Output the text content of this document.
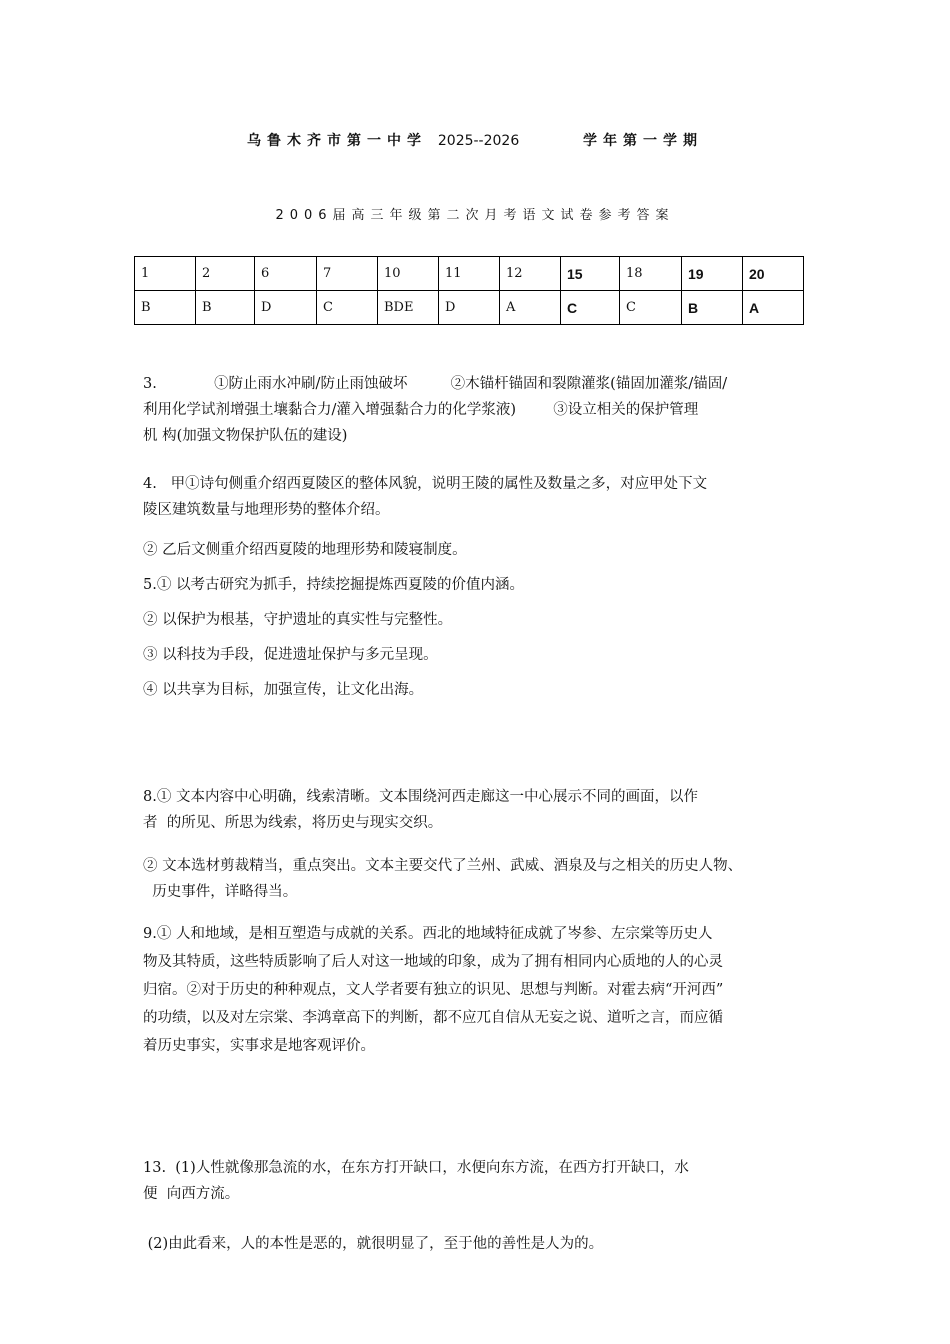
乌鲁木齐市第一中学 2025--2026	学年第一学期
2006届高三年级第二次月考语文试卷参考答案
1	2	6	7	10	11	12	15	18	19	20
B	B	D	C	BDE	D	A	C	C	B	A
3.	①防止雨水冲刷/防止雨蚀破坏	②木锚杆锚固和裂隙灌浆(锚固加灌浆/锚固/
利用化学试剂增强土壤黏合力/灌入增强黏合力的化学浆液)	③设立相关的保护管理
机 构(加强文物保护队伍的建设)
4.   甲①诗句侧重介绍西夏陵区的整体风貌，说明王陵的属性及数量之多，对应甲处下文
陵区建筑数量与地理形势的整体介绍。
② 乙后文侧重介绍西夏陵的地理形势和陵寝制度。
5.① 以考古研究为抓手，持续挖掘提炼西夏陵的价值内涵。
② 以保护为根基，守护遗址的真实性与完整性。
③ 以科技为手段，促进遗址保护与多元呈现。
④ 以共享为目标，加强宣传，让文化出海。
8.① 文本内容中心明确，线索清晰。文本围绕河西走廊这一中心展示不同的画面，以作
者  的所见、所思为线索，将历史与现实交织。
② 文本选材剪裁精当，重点突出。文本主要交代了兰州、武威、酒泉及与之相关的历史人物、
历史事件，详略得当。
9.① 人和地域，是相互塑造与成就的关系。西北的地域特征成就了岑参、左宗棠等历史人
物及其特质，这些特质影响了后人对这一地域的印象，成为了拥有相同内心质地的人的心灵
归宿。②对于历史的种种观点，文人学者要有独立的识见、思想与判断。对霍去病“开河西”
的功绩，以及对左宗棠、李鸿章高下的判断，都不应兀自信从无妄之说、道听之言，而应循
着历史事实，实事求是地客观评价。
13.  (1)人性就像那急流的水，在东方打开缺口，水便向东方流，在西方打开缺口，水
便  向西方流。
(2)由此看来，人的本性是恶的，就很明显了，至于他的善性是人为的。
